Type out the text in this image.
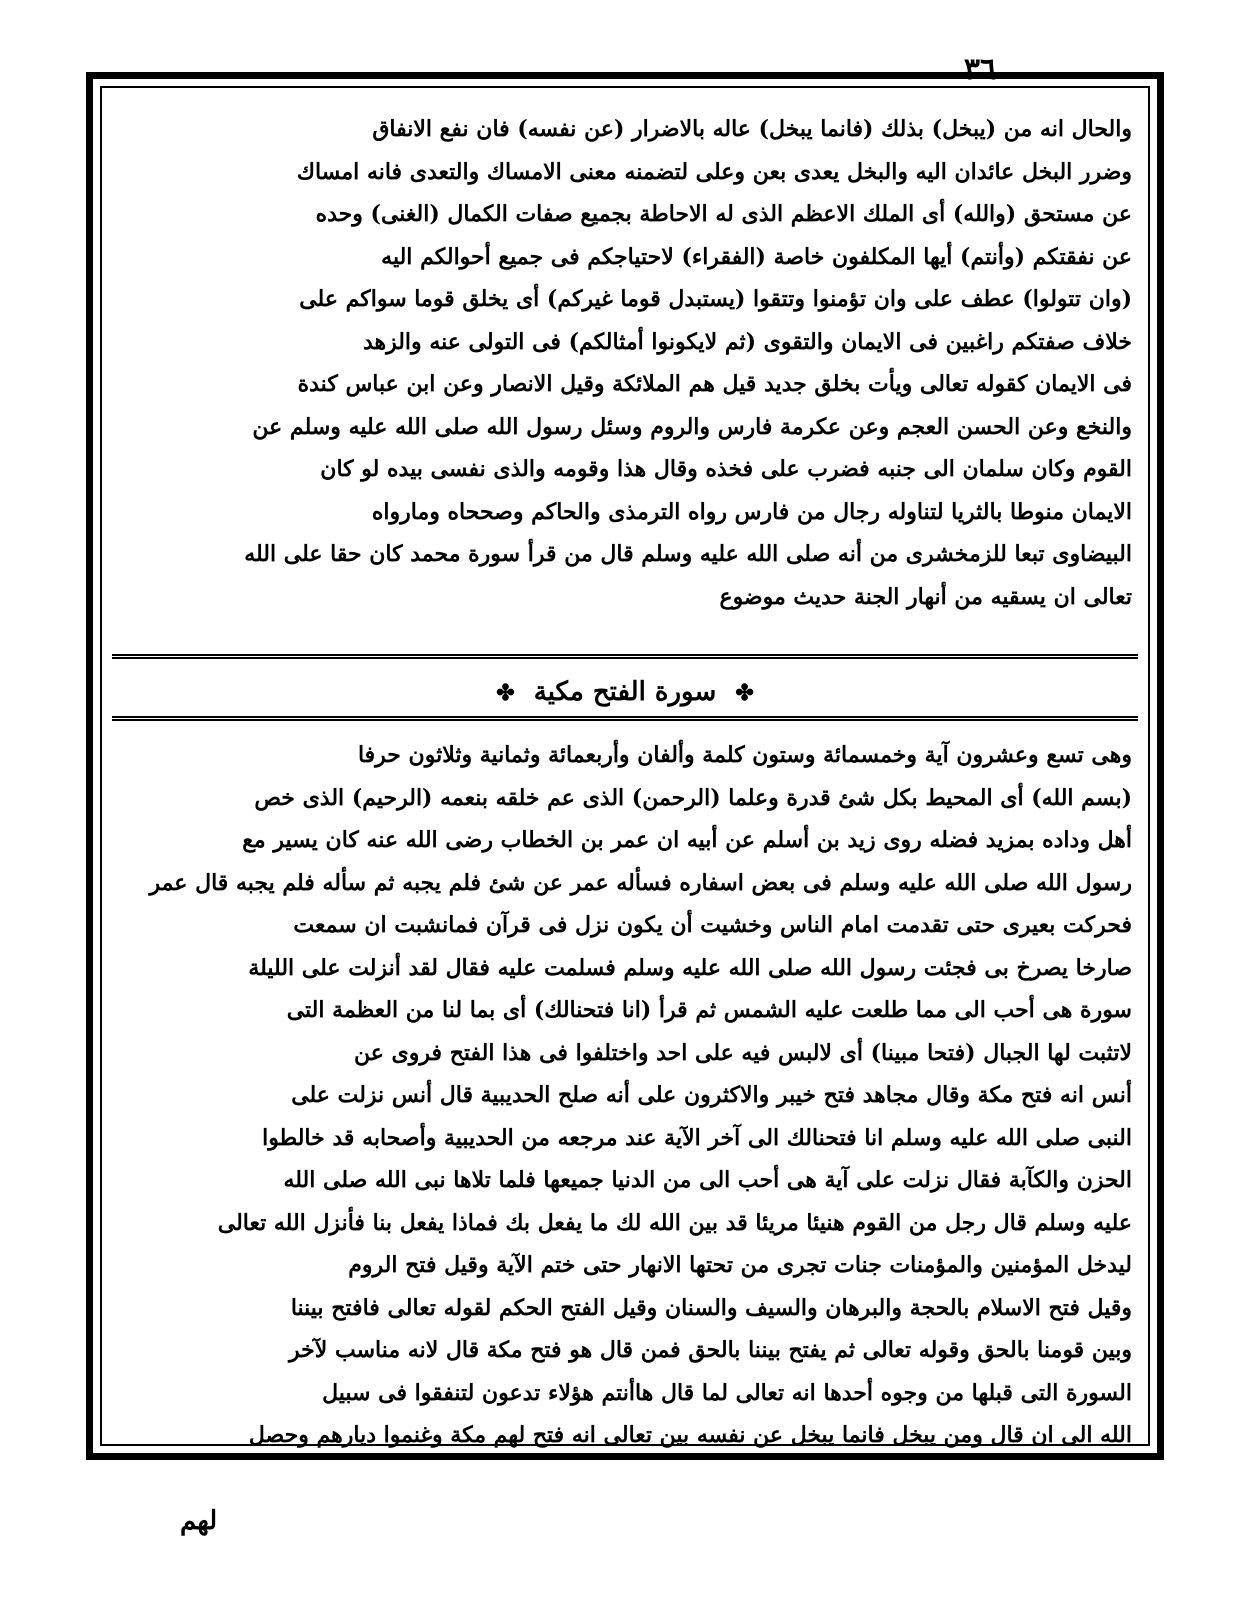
٣٦
والحال انه من (يبخل) بذلك (فانما يبخل) عاله بالاضرار (عن نفسه) فان نفع الانفاق
وضرر البخل عائدان اليه والبخل يعدى بعن وعلى لتضمنه معنى الامساك والتعدى فانه امساك
عن مستحق (والله) أى الملك الاعظم الذى له الاحاطة بجميع صفات الكمال (الغنى) وحده
عن نفقتكم (وأنتم) أيها المكلفون خاصة (الفقراء) لاحتياجكم فى جميع أحوالكم اليه
(وان تتولوا) عطف على وان تؤمنوا وتتقوا (يستبدل قوما غيركم) أى يخلق قوما سواكم على
خلاف صفتكم راغبين فى الايمان والتقوى (ثم لايكونوا أمثالكم) فى التولى عنه والزهد
فى الايمان كقوله تعالى ويأت بخلق جديد قيل هم الملائكة وقيل الانصار وعن ابن عباس كندة
والنخع وعن الحسن العجم وعن عكرمة فارس والروم وسئل رسول الله صلى الله عليه وسلم عن
القوم وكان سلمان الى جنبه فضرب على فخذه وقال هذا وقومه والذى نفسى بيده لو كان
الايمان منوطا بالثريا لتناوله رجال من فارس رواه الترمذى والحاكم وصححاه ومارواه
البيضاوى تبعا للزمخشرى من أنه صلى الله عليه وسلم قال من قرأ سورة محمد كان حقا على الله
تعالى ان يسقيه من أنهار الجنة حديث موضوع
✤ سورة الفتح مكية ✤
وهى تسع وعشرون آية وخمسمائة وستون كلمة وألفان وأربعمائة وثمانية وثلاثون حرفا
(بسم الله) أى المحيط بكل شئ قدرة وعلما (الرحمن) الذى عم خلقه بنعمه (الرحيم) الذى خص
أهل وداده بمزيد فضله روى زيد بن أسلم عن أبيه ان عمر بن الخطاب رضى الله عنه كان يسير مع
رسول الله صلى الله عليه وسلم فى بعض اسفاره فسأله عمر عن شئ فلم يجبه ثم سأله فلم يجبه قال عمر
فحركت بعيرى حتى تقدمت امام الناس وخشيت أن يكون نزل فى قرآن فمانشبت ان سمعت
صارخا يصرخ بى فجئت رسول الله صلى الله عليه وسلم فسلمت عليه فقال لقد أنزلت على الليلة
سورة هى أحب الى مما طلعت عليه الشمس ثم قرأ (انا فتحنالك) أى بما لنا من العظمة التى
لاتثبت لها الجبال (فتحا مبينا) أى لالبس فيه على احد واختلفوا فى هذا الفتح فروى عن
أنس انه فتح مكة وقال مجاهد فتح خيبر والاكثرون على أنه صلح الحديبية قال أنس نزلت على
النبى صلى الله عليه وسلم انا فتحنالك الى آخر الآية عند مرجعه من الحديبية وأصحابه قد خالطوا
الحزن والكآبة فقال نزلت على آية هى أحب الى من الدنيا جميعها فلما تلاها نبى الله صلى الله
عليه وسلم قال رجل من القوم هنيئا مريئا قد بين الله لك ما يفعل بك فماذا يفعل بنا فأنزل الله تعالى
ليدخل المؤمنين والمؤمنات جنات تجرى من تحتها الانهار حتى ختم الآية وقيل فتح الروم
وقيل فتح الاسلام بالحجة والبرهان والسيف والسنان وقيل الفتح الحكم لقوله تعالى فافتح بيننا
وبين قومنا بالحق وقوله تعالى ثم يفتح بيننا بالحق فمن قال هو فتح مكة قال لانه مناسب لآخر
السورة التى قبلها من وجوه أحدها انه تعالى لما قال هاأنتم هؤلاء تدعون لتنفقوا فى سبيل
الله الى ان قال ومن يبخل فانما يبخل عن نفسه بين تعالى انه فتح لهم مكة وغنموا ديارهم وحصل
لهم
